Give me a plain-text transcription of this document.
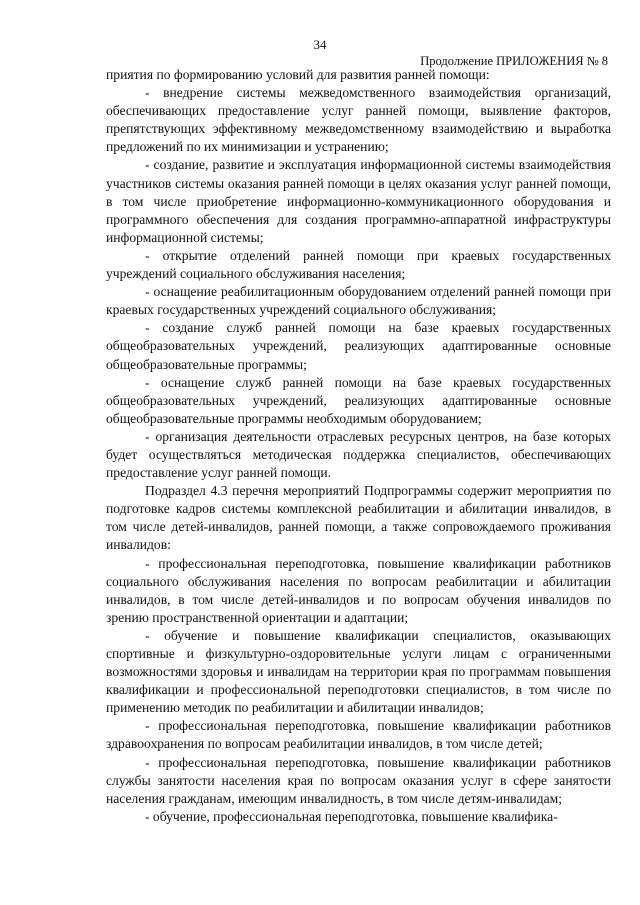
34
Продолжение ПРИЛОЖЕНИЯ № 8

приятия по формированию условий для развития ранней помощи:

- внедрение системы межведомственного взаимодействия организаций, обеспечивающих предоставление услуг ранней помощи, выявление факторов, препятствующих эффективному межведомственному взаимодействию и выработка предложений по их минимизации и устранению;

- создание, развитие и эксплуатация информационной системы взаимодействия участников системы оказания ранней помощи в целях оказания услуг ранней помощи, в том числе приобретение информационно-коммуникационного оборудования и программного обеспечения для создания программно-аппаратной инфраструктуры информационной системы;

- открытие отделений ранней помощи при краевых государственных учреждений социального обслуживания населения;

- оснащение реабилитационным оборудованием отделений ранней помощи при краевых государственных учреждений социального обслуживания;

- создание служб ранней помощи на базе краевых государственных общеобразовательных учреждений, реализующих адаптированные основные общеобразовательные программы;

- оснащение служб ранней помощи на базе краевых государственных общеобразовательных учреждений, реализующих адаптированные основные общеобразовательные программы необходимым оборудованием;

- организация деятельности отраслевых ресурсных центров, на базе которых будет осуществляться методическая поддержка специалистов, обеспечивающих предоставление услуг ранней помощи.

Подраздел 4.3 перечня мероприятий Подпрограммы содержит мероприятия по подготовке кадров системы комплексной реабилитации и абилитации инвалидов, в том числе детей-инвалидов, ранней помощи, а также сопровождаемого проживания инвалидов:

- профессиональная переподготовка, повышение квалификации работников социального обслуживания населения по вопросам реабилитации и абилитации инвалидов, в том числе детей-инвалидов и по вопросам обучения инвалидов по зрению пространственной ориентации и адаптации;

- обучение и повышение квалификации специалистов, оказывающих спортивные и физкультурно-оздоровительные услуги лицам с ограниченными возможностями здоровья и инвалидам на территории края по программам повышения квалификации и профессиональной переподготовки специалистов, в том числе по применению методик по реабилитации и абилитации инвалидов;

- профессиональная переподготовка, повышение квалификации работников здравоохранения по вопросам реабилитации инвалидов, в том числе детей;

- профессиональная переподготовка, повышение квалификации работников службы занятости населения края по вопросам оказания услуг в сфере занятости населения гражданам, имеющим инвалидность, в том числе детям-инвалидам;

- обучение, профессиональная переподготовка, повышение квалифика-
